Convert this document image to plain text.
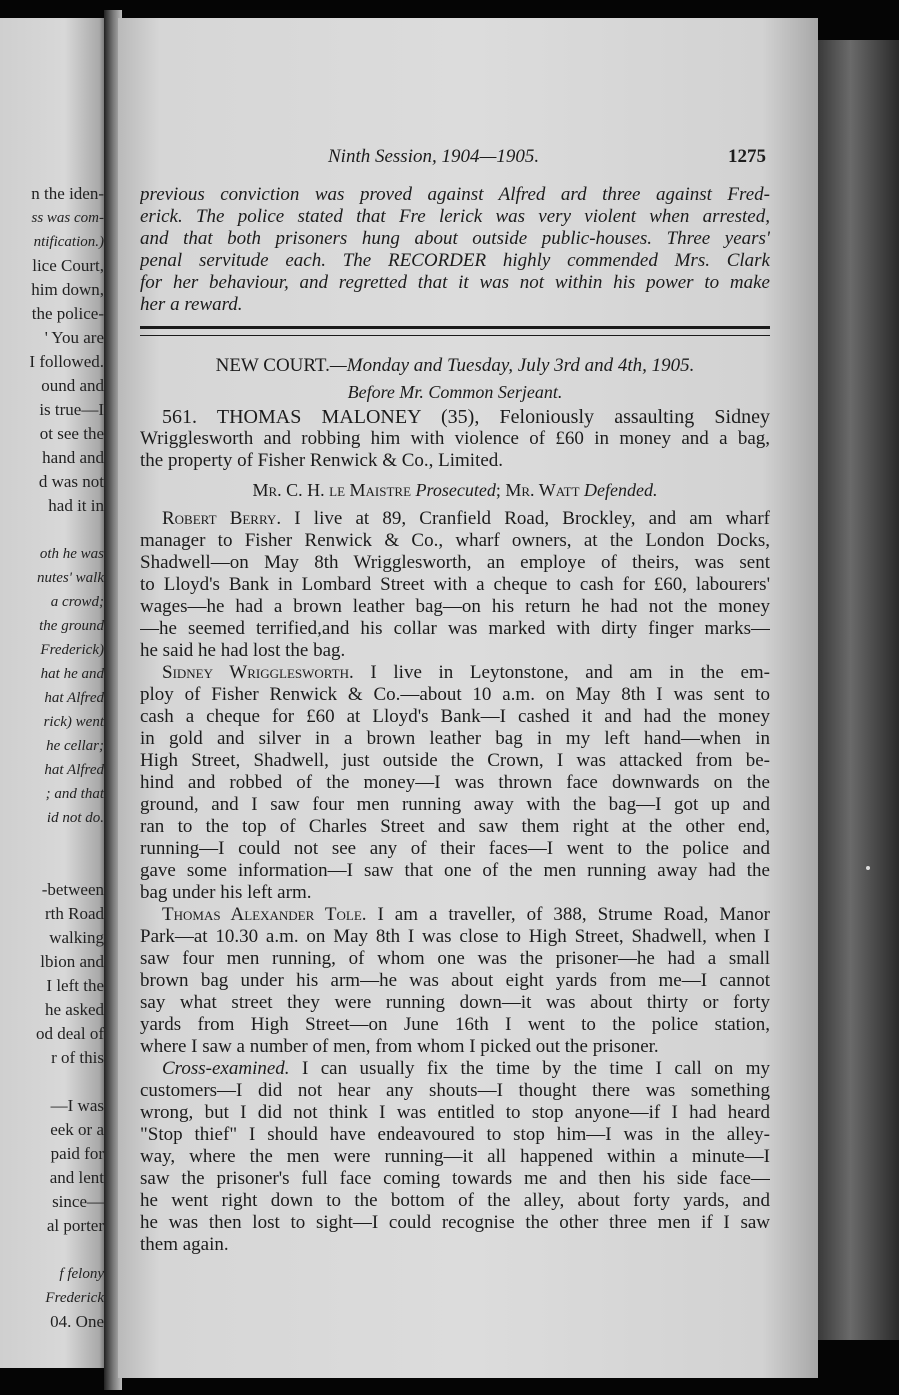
n the iden-
ss was com-
ntification.)
lice Court,
him down,
the police-
' You are
I followed.
ound and
is true—I
ot see the
hand and
d was not
had it in
oth he was
nutes' walk
a crowd;
the ground
Frederick)
hat he and
hat Alfred
rick) went
he cellar;
hat Alfred
; and that
id not do.
-between
rth Road
walking
lbion and
I left the
he asked
od deal of
r of this
—I was
eek or a
paid for
and lent
since—
al porter
f felony
Frederick
04. One
Ninth Session, 1904—1905.	1275
previous conviction was proved against Alfred ard three against Fred-
erick. The police stated that Fre lerick was very violent when arrested,
and that both prisoners hung about outside public-houses. Three years'
penal servitude each. The RECORDER highly commended Mrs. Clark
for her behaviour, and regretted that it was not within his power to make
her a reward.
NEW COURT.—Monday and Tuesday, July 3rd and 4th, 1905.
Before Mr. Common Serjeant.
561. THOMAS MALONEY (35), Feloniously assaulting Sidney
Wrigglesworth and robbing him with violence of £60 in money and a bag,
the property of Fisher Renwick & Co., Limited.
Mr. C. H. le Maistre Prosecuted; Mr. Watt Defended.
Robert Berry. I live at 89, Cranfield Road, Brockley, and am wharf
manager to Fisher Renwick & Co., wharf owners, at the London Docks,
Shadwell—on May 8th Wrigglesworth, an employe of theirs, was sent
to Lloyd's Bank in Lombard Street with a cheque to cash for £60, labourers'
wages—he had a brown leather bag—on his return he had not the money
—he seemed terrified,and his collar was marked with dirty finger marks—
he said he had lost the bag.
Sidney Wrigglesworth. I live in Leytonstone, and am in the em-
ploy of Fisher Renwick & Co.—about 10 a.m. on May 8th I was sent to
cash a cheque for £60 at Lloyd's Bank—I cashed it and had the money
in gold and silver in a brown leather bag in my left hand—when in
High Street, Shadwell, just outside the Crown, I was attacked from be-
hind and robbed of the money—I was thrown face downwards on the
ground, and I saw four men running away with the bag—I got up and
ran to the top of Charles Street and saw them right at the other end,
running—I could not see any of their faces—I went to the police and
gave some information—I saw that one of the men running away had the
bag under his left arm.
Thomas Alexander Tole. I am a traveller, of 388, Strume Road, Manor
Park—at 10.30 a.m. on May 8th I was close to High Street, Shadwell, when I
saw four men running, of whom one was the prisoner—he had a small
brown bag under his arm—he was about eight yards from me—I cannot
say what street they were running down—it was about thirty or forty
yards from High Street—on June 16th I went to the police station,
where I saw a number of men, from whom I picked out the prisoner.
Cross-examined. I can usually fix the time by the time I call on my
customers—I did not hear any shouts—I thought there was something
wrong, but I did not think I was entitled to stop anyone—if I had heard
"Stop thief" I should have endeavoured to stop him—I was in the alley-
way, where the men were running—it all happened within a minute—I
saw the prisoner's full face coming towards me and then his side face—
he went right down to the bottom of the alley, about forty yards, and
he was then lost to sight—I could recognise the other three men if I saw
them again.
